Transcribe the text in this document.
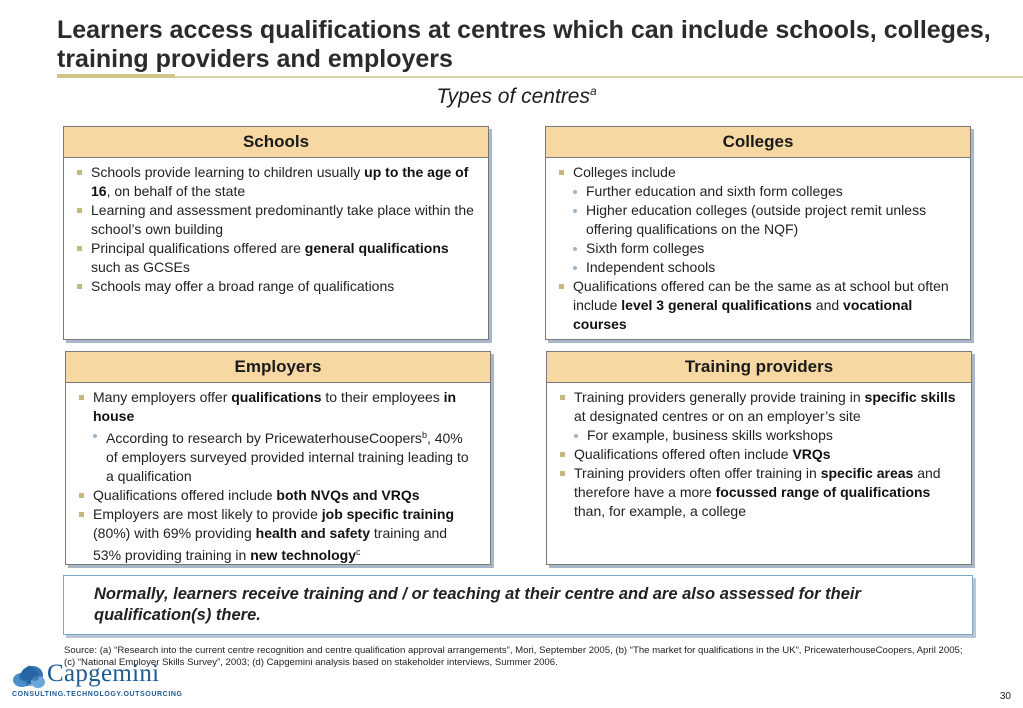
Learners access qualifications at centres which can include schools, colleges, training providers and employers
Types of centres$^a$
Schools
Schools provide learning to children usually up to the age of 16, on behalf of the state
Learning and assessment predominantly take place within the school’s own building
Principal qualifications offered are general qualifications such as GCSEs
Schools may offer a broad range of qualifications
Colleges
Colleges include
Further education and sixth form colleges
Higher education colleges (outside project remit unless offering qualifications on the NQF)
Sixth form colleges
Independent schools
Qualifications offered can be the same as at school but often include level 3 general qualifications and vocational courses
Employers
Many employers offer qualifications to their employees in house
According to research by PricewaterhouseCoopers$^b$, 40% of employers surveyed provided internal training leading to a qualification
Qualifications offered include both NVQs and VRQs
Employers are most likely to provide job specific training (80%) with 69% providing health and safety training and 53% providing training in new technology$^c$
Training providers
Training providers generally provide training in specific skills at designated centres or on an employer’s site
For example, business skills workshops
Qualifications offered often include VRQs
Training providers often offer training in specific areas and therefore have a more focussed range of qualifications than, for example, a college
Normally, learners receive training and / or teaching at their centre and are also assessed for their qualification(s) there.
Source: (a) “Research into the current centre recognition and centre qualification approval arrangements”, Mori, September 2005, (b) “The market for qualifications in the UK”, PricewaterhouseCoopers, April 2005; (c) “National Employer Skills Survey”, 2003; (d) Capgemini analysis based on stakeholder interviews, Summer 2006.
Capgemini
CONSULTING.TECHNOLOGY.OUTSOURCING	30
